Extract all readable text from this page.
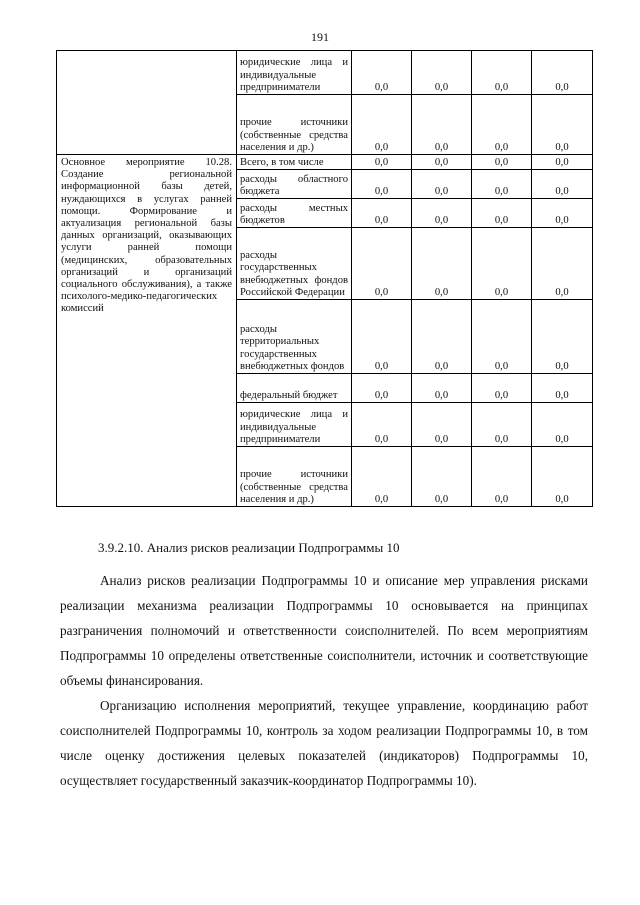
191
	юридические лица и индивидуальные предприниматели	0,0	0,0	0,0	0,0
	прочие источники (собственные средства населения и др.)	0,0	0,0	0,0	0,0
Основное мероприятие 10.28. Создание региональной информационной базы детей, нуждающихся в услугах ранней помощи. Формирование и актуализация региональной базы данных организаций, оказывающих услуги ранней помощи (медицинских, образовательных организаций и организаций социального обслуживания), а также психолого-медико-педагогических комиссий	Всего, в том числе	0,0	0,0	0,0	0,0
	расходы областного бюджета	0,0	0,0	0,0	0,0
	расходы местных бюджетов	0,0	0,0	0,0	0,0
	расходы государственных внебюджетных фондов Российской Федерации	0,0	0,0	0,0	0,0
	расходы территориальных государственных внебюджетных фондов	0,0	0,0	0,0	0,0
	федеральный бюджет	0,0	0,0	0,0	0,0
	юридические лица и индивидуальные предприниматели	0,0	0,0	0,0	0,0
	прочие источники (собственные средства населения и др.)	0,0	0,0	0,0	0,0
3.9.2.10. Анализ рисков реализации Подпрограммы 10

Анализ рисков реализации Подпрограммы 10 и описание мер управления рисками реализации механизма реализации Подпрограммы 10 основывается на принципах разграничения полномочий и ответственности соисполнителей. По всем мероприятиям Подпрограммы 10 определены ответственные соисполнители, источник и соответствующие объемы финансирования.

Организацию исполнения мероприятий, текущее управление, координацию работ соисполнителей Подпрограммы 10, контроль за ходом реализации Подпрограммы 10, в том числе оценку достижения целевых показателей (индикаторов) Подпрограммы 10, осуществляет государственный заказчик-координатор Подпрограммы 10).
